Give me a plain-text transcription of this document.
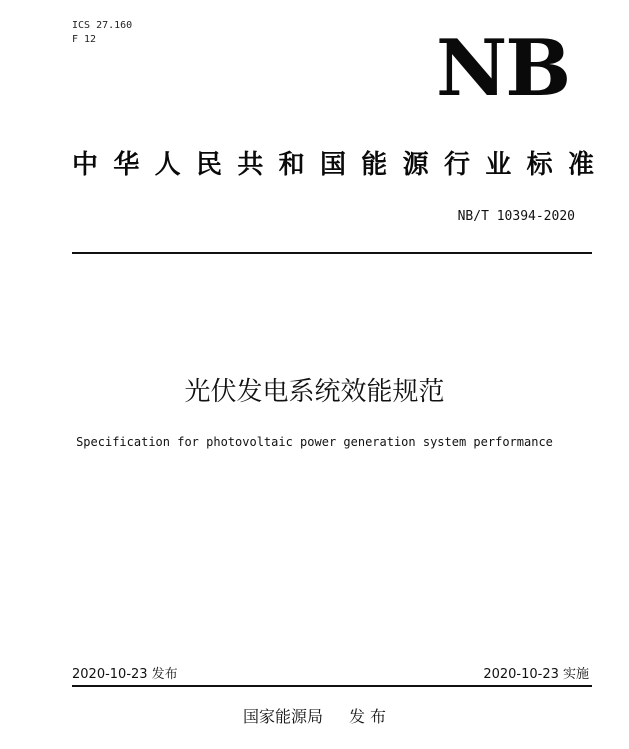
ICS 27.160
F 12	NB
中 华 人 民 共 和 国 能 源 行 业 标 准
NB/T 10394-2020
光伏发电系统效能规范
Specification for photovoltaic power generation system performance
2020-10-23 发布	2020-10-23 实施
国家能源局 发 布
